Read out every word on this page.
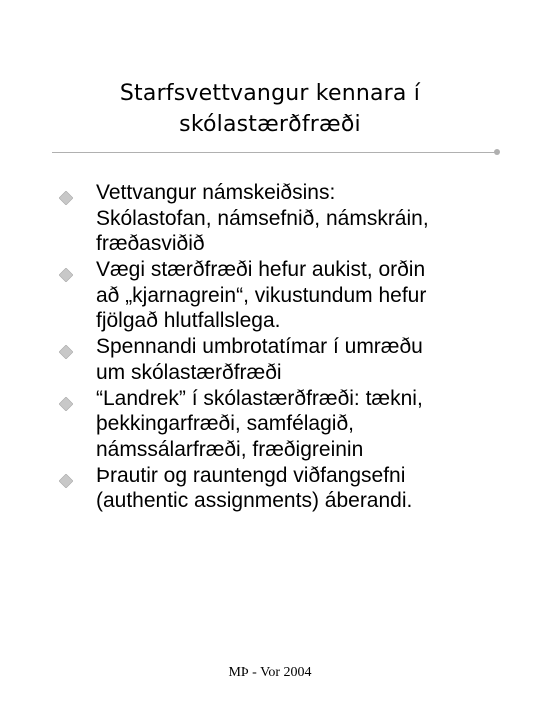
Starfsvettvangur kennara í
skólastærðfræði
Vettvangur námskeiðsins:
Skólastofan, námsefnið, námskráin,
fræðasviðið
Vægi stærðfræði hefur aukist, orðin
að „kjarnagrein“, vikustundum hefur
fjölgað hlutfallslega.
Spennandi umbrotatímar í umræðu
um skólastærðfræði
“Landrek” í skólastærðfræði: tækni,
þekkingarfræði, samfélagið,
námssálarfræði, fræðigreinin
Þrautir og rauntengd viðfangsefni
(authentic assignments) áberandi.
MÞ - Vor 2004
